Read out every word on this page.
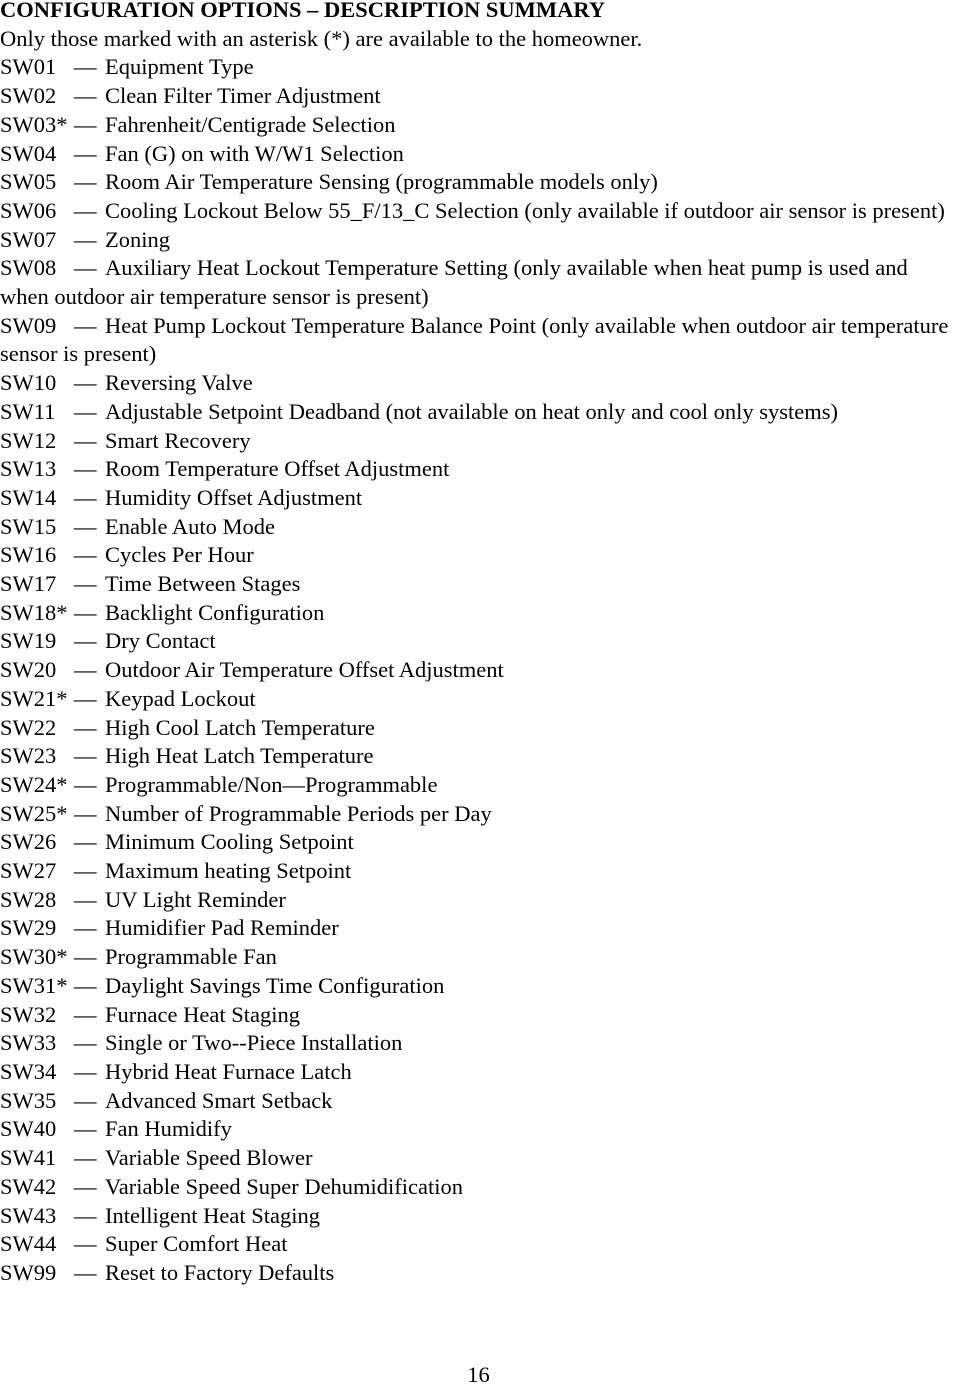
CONFIGURATION OPTIONS – DESCRIPTION SUMMARY

Only those marked with an asterisk (*) are available to the homeowner.

SW01 — Equipment Type
SW02 — Clean Filter Timer Adjustment
SW03* — Fahrenheit/Centigrade Selection
SW04 — Fan (G) on with W/W1 Selection
SW05 — Room Air Temperature Sensing (programmable models only)
SW06 — Cooling Lockout Below 55_F/13_C Selection (only available if outdoor air sensor is present)
SW07 — Zoning
SW08 — Auxiliary Heat Lockout Temperature Setting (only available when heat pump is used and when outdoor air temperature sensor is present)
SW09 — Heat Pump Lockout Temperature Balance Point (only available when outdoor air temperature sensor is present)
SW10 — Reversing Valve
SW11 — Adjustable Setpoint Deadband (not available on heat only and cool only systems)
SW12 — Smart Recovery
SW13 — Room Temperature Offset Adjustment
SW14 — Humidity Offset Adjustment
SW15 — Enable Auto Mode
SW16 — Cycles Per Hour
SW17 — Time Between Stages
SW18* — Backlight Configuration
SW19 — Dry Contact
SW20 — Outdoor Air Temperature Offset Adjustment
SW21* — Keypad Lockout
SW22 — High Cool Latch Temperature
SW23 — High Heat Latch Temperature
SW24* — Programmable/Non—Programmable
SW25* — Number of Programmable Periods per Day
SW26 — Minimum Cooling Setpoint
SW27 — Maximum heating Setpoint
SW28 — UV Light Reminder
SW29 — Humidifier Pad Reminder
SW30* — Programmable Fan
SW31* — Daylight Savings Time Configuration
SW32 — Furnace Heat Staging
SW33 — Single or Two--Piece Installation
SW34 — Hybrid Heat Furnace Latch
SW35 — Advanced Smart Setback
SW40 — Fan Humidify
SW41 — Variable Speed Blower
SW42 — Variable Speed Super Dehumidification
SW43 — Intelligent Heat Staging
SW44 — Super Comfort Heat
SW99 — Reset to Factory Defaults
16
